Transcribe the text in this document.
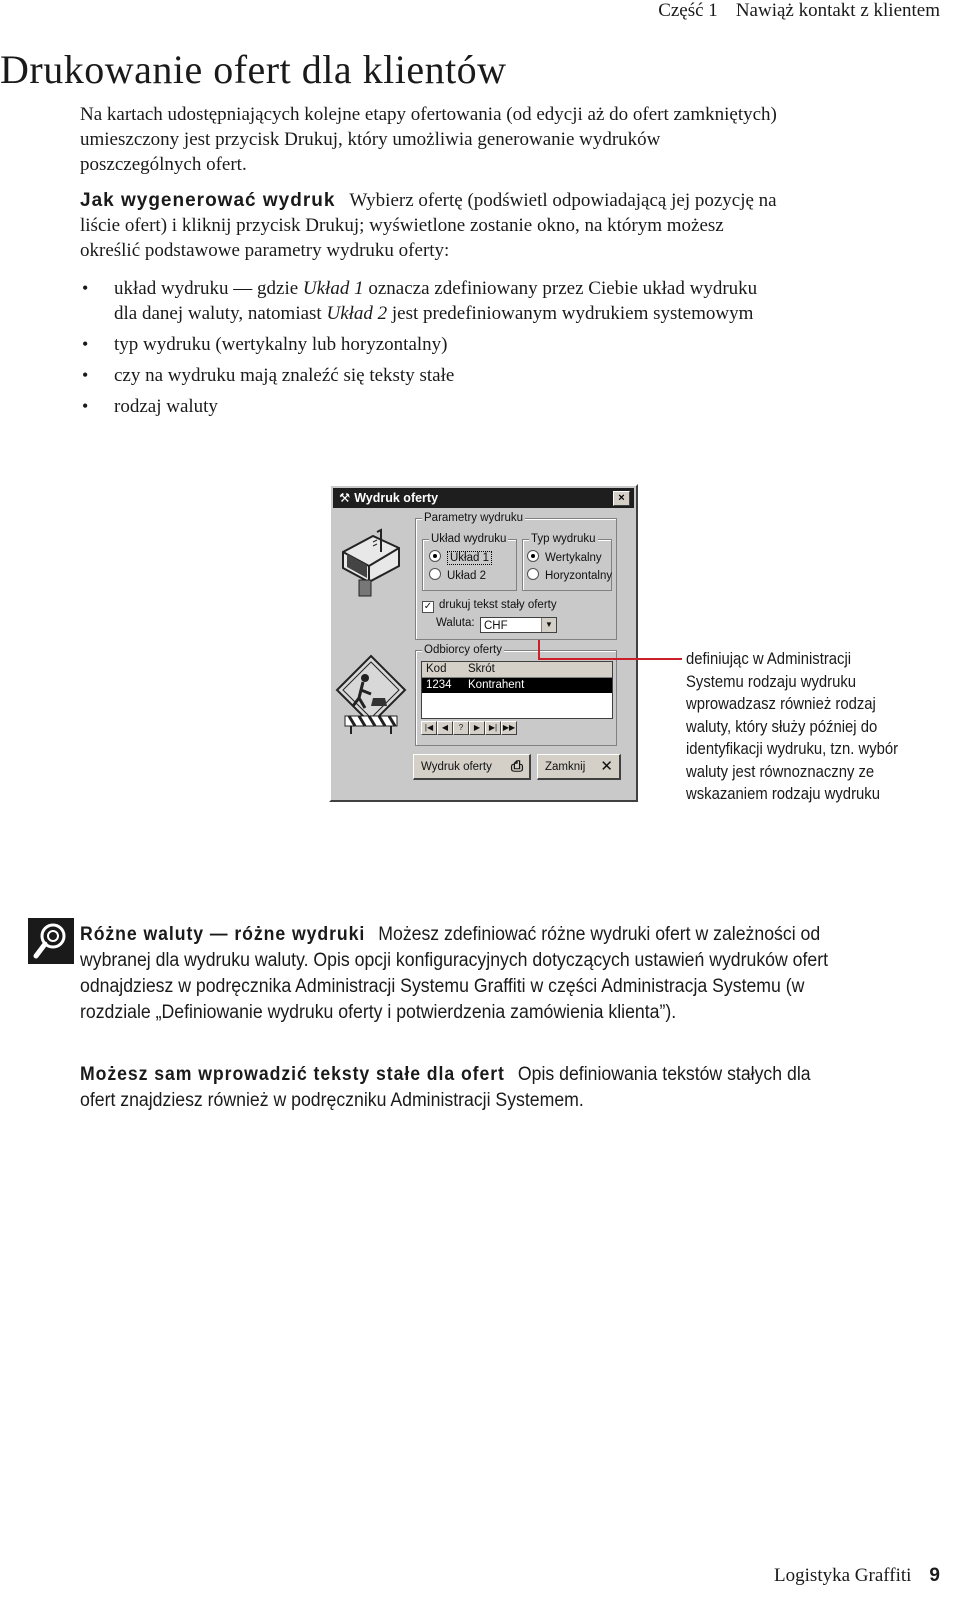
Część 1 Nawiąż kontakt z klientem
Drukowanie ofert dla klientów

Na kartach udostępniających kolejne etapy ofertowania (od edycji aż do ofert zamkniętych) umieszczony jest przycisk Drukuj, który umożliwia generowanie wydruków poszczególnych ofert.

Jak wygenerować wydruk Wybierz ofertę (podświetl odpowiadającą jej pozycję na liście ofert) i kliknij przycisk Drukuj; wyświetlone zostanie okno, na którym możesz określić podstawowe parametry wydruku oferty:

• układ wydruku — gdzie Układ 1 oznacza zdefiniowany przez Ciebie układ wydruku dla danej waluty, natomiast Układ 2 jest predefiniowanym wydrukiem systemowym
• typ wydruku (wertykalny lub horyzontalny)
• czy na wydruku mają znaleźć się teksty stałe
• rodzaj waluty
⚒ Wydruk oferty	×
Parametry wydruku
Układ wydruku
Układ 1
Układ 2
Typ wydruku
Wertykalny
Horyzontalny
✓ drukuj tekst stały oferty
Waluta: CHF	▼
Odbiorcy oferty
Kod Skrót
1234 Kontrahent
|◀	◀	?	▶	▶| ▶▶
Wydruk oferty ⎙	Zamknij ✕
definiując w Administracji Systemu rodzaju wydruku wprowadzasz również rodzaj waluty, który służy później do identyfikacji wydruku, tzn. wybór waluty jest równoznaczny ze wskazaniem rodzaju wydruku

Różne waluty — różne wydruki Możesz zdefiniować różne wydruki ofert w zależności od wybranej dla wydruku waluty. Opis opcji konfiguracyjnych dotyczących ustawień wydruków ofert odnajdziesz w podręcznika Administracji Systemu Graffiti w części Administracja Systemu (w rozdziale „Definiowanie wydruku oferty i potwierdzenia zamówienia klienta”).

Możesz sam wprowadzić teksty stałe dla ofert Opis definiowania tekstów stałych dla ofert znajdziesz również w podręczniku Administracji Systemem.

Logistyka Graffiti 9
